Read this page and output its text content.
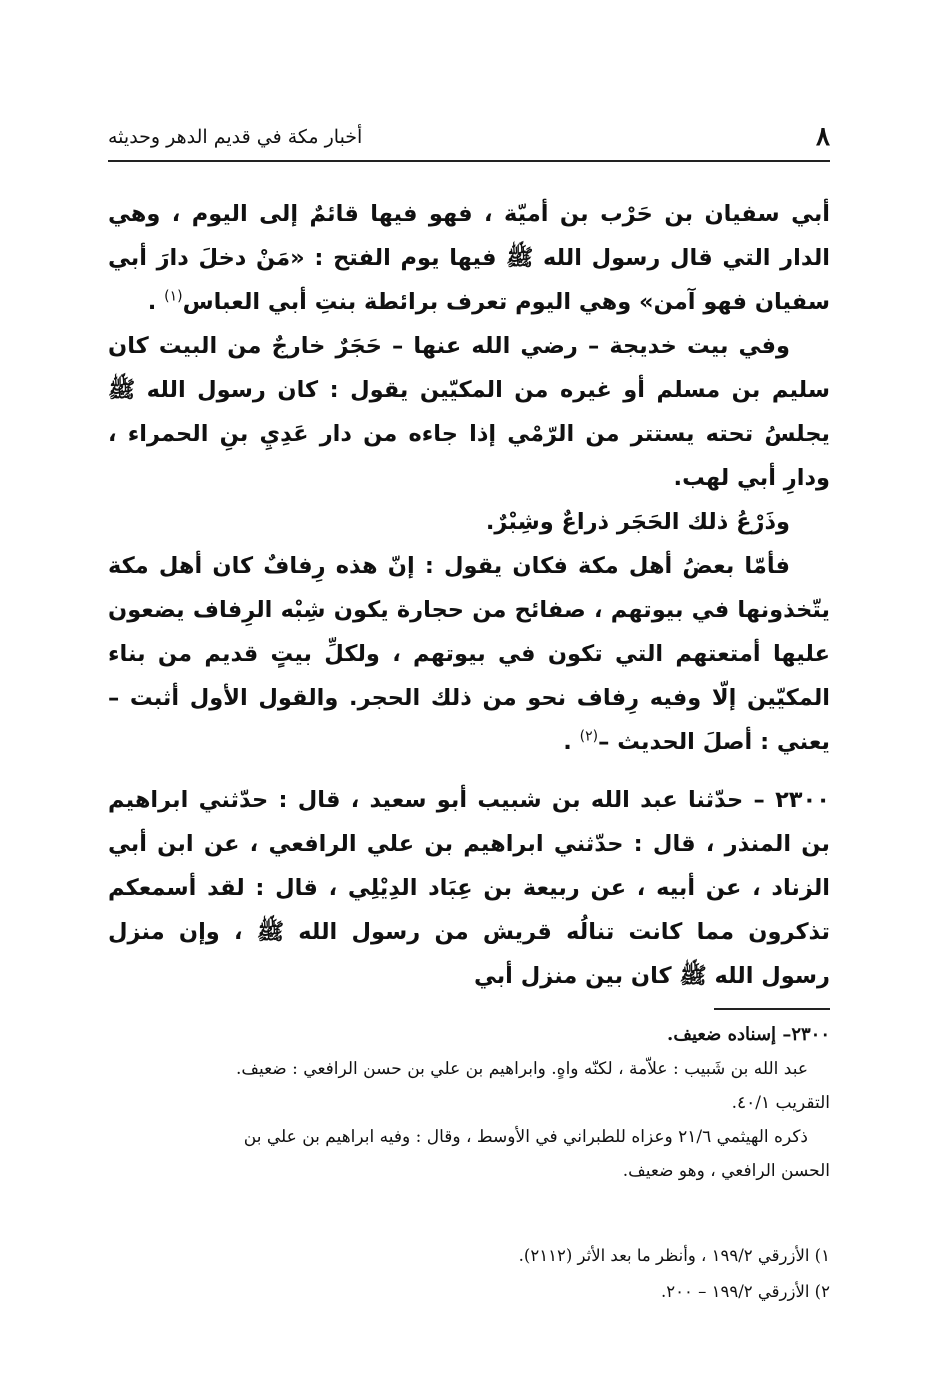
٨
أخبار مكة في قديم الدهر وحديثه

أبي سفيان بن حَرْب بن أميّة ، فهو فيها قائمٌ إلى اليوم ، وهي الدار التي قال رسول الله ﷺ فيها يوم الفتح : «مَنْ دخلَ دارَ أبي سفيان فهو آمن» وهي اليوم تعرف برائطة بنتِ أبي العباس$^{(١)}$ .

وفي بيت خديجة – رضي الله عنها – حَجَرٌ خارجٌ من البيت كان سليم بن مسلم أو غيره من المكيّين يقول : كان رسول الله ﷺ يجلسُ تحته يستتر من الرّمْي إذا جاءه من دار عَدِيِ بنِ الحمراء ، ودارِ أبي لهب.

وذَرْعُ ذلك الحَجَر ذراعٌ وشِبْرٌ.

فأمّا بعضُ أهل مكة فكان يقول : إنّ هذه رِفافٌ كان أهل مكة يتّخذونها في بيوتهم ، صفائح من حجارة يكون شِبْه الرِفاف يضعون عليها أمتعتهم التي تكون في بيوتهم ، ولكلِّ بيتٍ قديم من بناء المكيّين إلّا وفيه رِفاف نحو من ذلك الحجر. والقول الأول أثبت – يعني : أصلَ الحديث –$^{(٢)}$ .

٢٣٠٠ – حدّثنا عبد الله بن شبيب أبو سعيد ، قال : حدّثني ابراهيم بن المنذر ، قال : حدّثني ابراهيم بن علي الرافعي ، عن ابن أبي الزناد ، عن أبيه ، عن ربيعة بن عِبَاد الدِيْلِي ، قال : لقد أسمعكم تذكرون مما كانت تنالُه قريش من رسول الله ﷺ ، وإن منزل رسول الله ﷺ كان بين منزل أبي

٢٣٠٠– إسناده ضعيف.

عبد الله بن شَبيب : علاّمة ، لكنّه واهٍ. وابراهيم بن علي بن حسن الرافعي : ضعيف.

التقريب ٤٠/١.

ذكره الهيثمي ٢١/٦ وعزاه للطبراني في الأوسط ، وقال : وفيه ابراهيم بن علي بن

الحسن الرافعي ، وهو ضعيف.

١) الأزرقي ١٩٩/٢ ، وأنظر ما بعد الأثر (٢١١٢).

٢) الأزرقي ١٩٩/٢ – ٢٠٠.
